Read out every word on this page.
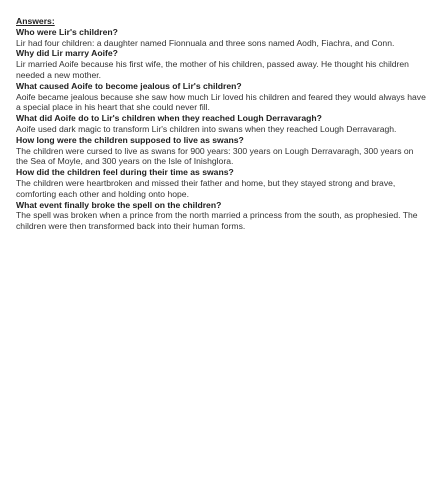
Answers:

Who were Lir's children?

Lir had four children: a daughter named Fionnuala and three sons named Aodh, Fiachra, and Conn.

Why did Lir marry Aoife?

Lir married Aoife because his first wife, the mother of his children, passed away. He thought his children needed a new mother.

What caused Aoife to become jealous of Lir's children?

Aoife became jealous because she saw how much Lir loved his children and feared they would always have a special place in his heart that she could never fill.

What did Aoife do to Lir's children when they reached Lough Derravaragh?

Aoife used dark magic to transform Lir's children into swans when they reached Lough Derravaragh.

How long were the children supposed to live as swans?

The children were cursed to live as swans for 900 years: 300 years on Lough Derravaragh, 300 years on the Sea of Moyle, and 300 years on the Isle of Inishglora.

How did the children feel during their time as swans?

The children were heartbroken and missed their father and home, but they stayed strong and brave, comforting each other and holding onto hope.

What event finally broke the spell on the children?

The spell was broken when a prince from the north married a princess from the south, as prophesied. The children were then transformed back into their human forms.
